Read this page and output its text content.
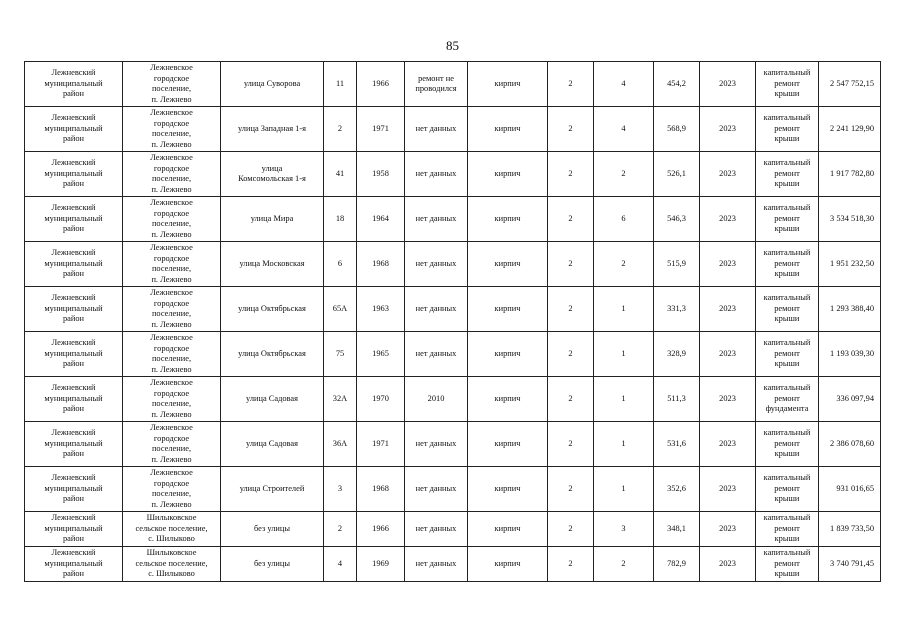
85
Лежневский
муниципальный
район	Лежневское
городское
поселение,
п. Лежнево	улица Суворова	11	1966	ремонт не
проводился	кирпич	2	4	454,2	2023	капитальный
ремонт
крыши	2 547 752,15
Лежневский
муниципальный
район	Лежневское
городское
поселение,
п. Лежнево	улица Западная 1-я	2	1971	нет данных	кирпич	2	4	568,9	2023	капитальный
ремонт
крыши	2 241 129,90
Лежневский
муниципальный
район	Лежневское
городское
поселение,
п. Лежнево	улица
Комсомольская 1-я	41	1958	нет данных	кирпич	2	2	526,1	2023	капитальный
ремонт
крыши	1 917 782,80
Лежневский
муниципальный
район	Лежневское
городское
поселение,
п. Лежнево	улица Мира	18	1964	нет данных	кирпич	2	6	546,3	2023	капитальный
ремонт
крыши	3 534 518,30
Лежневский
муниципальный
район	Лежневское
городское
поселение,
п. Лежнево	улица Московская	6	1968	нет данных	кирпич	2	2	515,9	2023	капитальный
ремонт
крыши	1 951 232,50
Лежневский
муниципальный
район	Лежневское
городское
поселение,
п. Лежнево	улица Октябрьская	65А	1963	нет данных	кирпич	2	1	331,3	2023	капитальный
ремонт
крыши	1 293 388,40
Лежневский
муниципальный
район	Лежневское
городское
поселение,
п. Лежнево	улица Октябрьская	75	1965	нет данных	кирпич	2	1	328,9	2023	капитальный
ремонт
крыши	1 193 039,30
Лежневский
муниципальный
район	Лежневское
городское
поселение,
п. Лежнево	улица Садовая	32А	1970	2010	кирпич	2	1	511,3	2023	капитальный
ремонт
фундамента	336 097,94
Лежневский
муниципальный
район	Лежневское
городское
поселение,
п. Лежнево	улица Садовая	36А	1971	нет данных	кирпич	2	1	531,6	2023	капитальный
ремонт
крыши	2 386 078,60
Лежневский
муниципальный
район	Лежневское
городское
поселение,
п. Лежнево	улица Строителей	3	1968	нет данных	кирпич	2	1	352,6	2023	капитальный
ремонт
крыши	931 016,65
Лежневский
муниципальный
район	Шилыковское
сельское поселение,
с. Шилыково	без улицы	2	1966	нет данных	кирпич	2	3	348,1	2023	капитальный
ремонт
крыши	1 839 733,50
Лежневский
муниципальный
район	Шилыковское
сельское поселение,
с. Шилыково	без улицы	4	1969	нет данных	кирпич	2	2	782,9	2023	капитальный
ремонт
крыши	3 740 791,45
